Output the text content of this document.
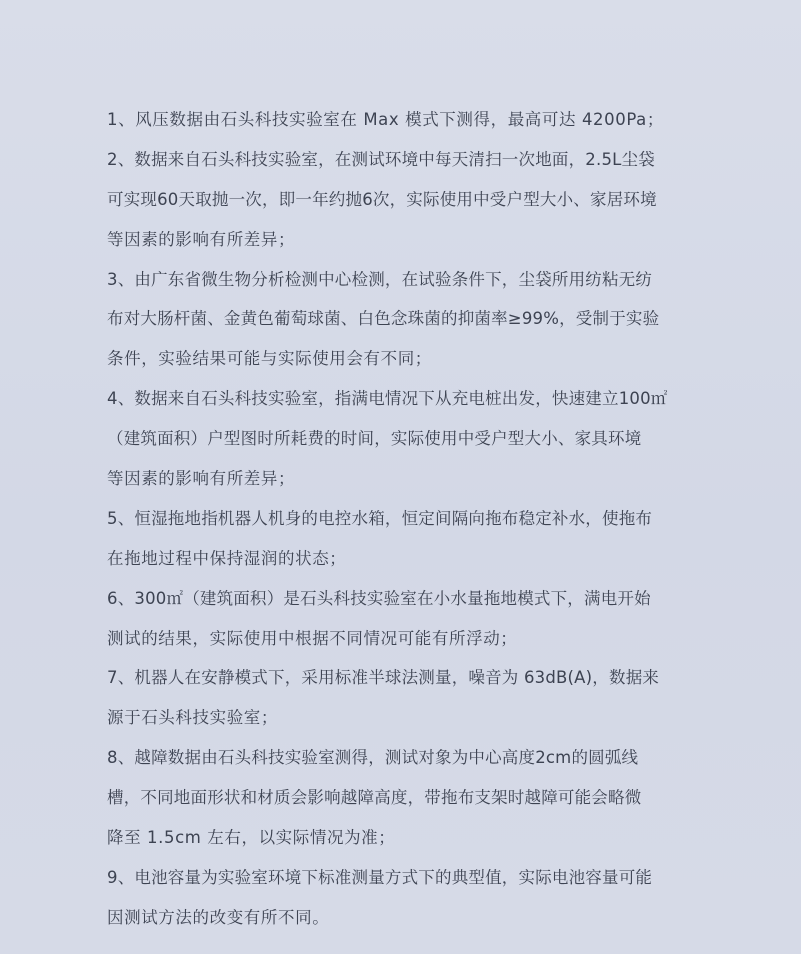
1、风压数据由石头科技实验室在 Max 模式下测得，最高可达 4200Pa；
2、数据来自石头科技实验室，在测试环境中每天清扫一次地面，2.5L尘袋
可实现60天取抛一次，即一年约抛6次，实际使用中受户型大小、家居环境
等因素的影响有所差异；
3、由广东省微生物分析检测中心检测，在试验条件下，尘袋所用纺粘无纺
布对大肠杆菌、金黄色葡萄球菌、白色念珠菌的抑菌率≥99%，受制于实验
条件，实验结果可能与实际使用会有不同；
4、数据来自石头科技实验室，指满电情况下从充电桩出发，快速建立100㎡
（建筑面积）户型图时所耗费的时间，实际使用中受户型大小、家具环境
等因素的影响有所差异；
5、恒湿拖地指机器人机身的电控水箱，恒定间隔向拖布稳定补水，使拖布
在拖地过程中保持湿润的状态；
6、300㎡（建筑面积）是石头科技实验室在小水量拖地模式下，满电开始
测试的结果，实际使用中根据不同情况可能有所浮动；
7、机器人在安静模式下，采用标准半球法测量，噪音为 63dB(A)，数据来
源于石头科技实验室；
8、越障数据由石头科技实验室测得，测试对象为中心高度2cm的圆弧线
槽，不同地面形状和材质会影响越障高度，带拖布支架时越障可能会略微
降至 1.5cm 左右，以实际情况为准；
9、电池容量为实验室环境下标准测量方式下的典型值，实际电池容量可能
因测试方法的改变有所不同。
